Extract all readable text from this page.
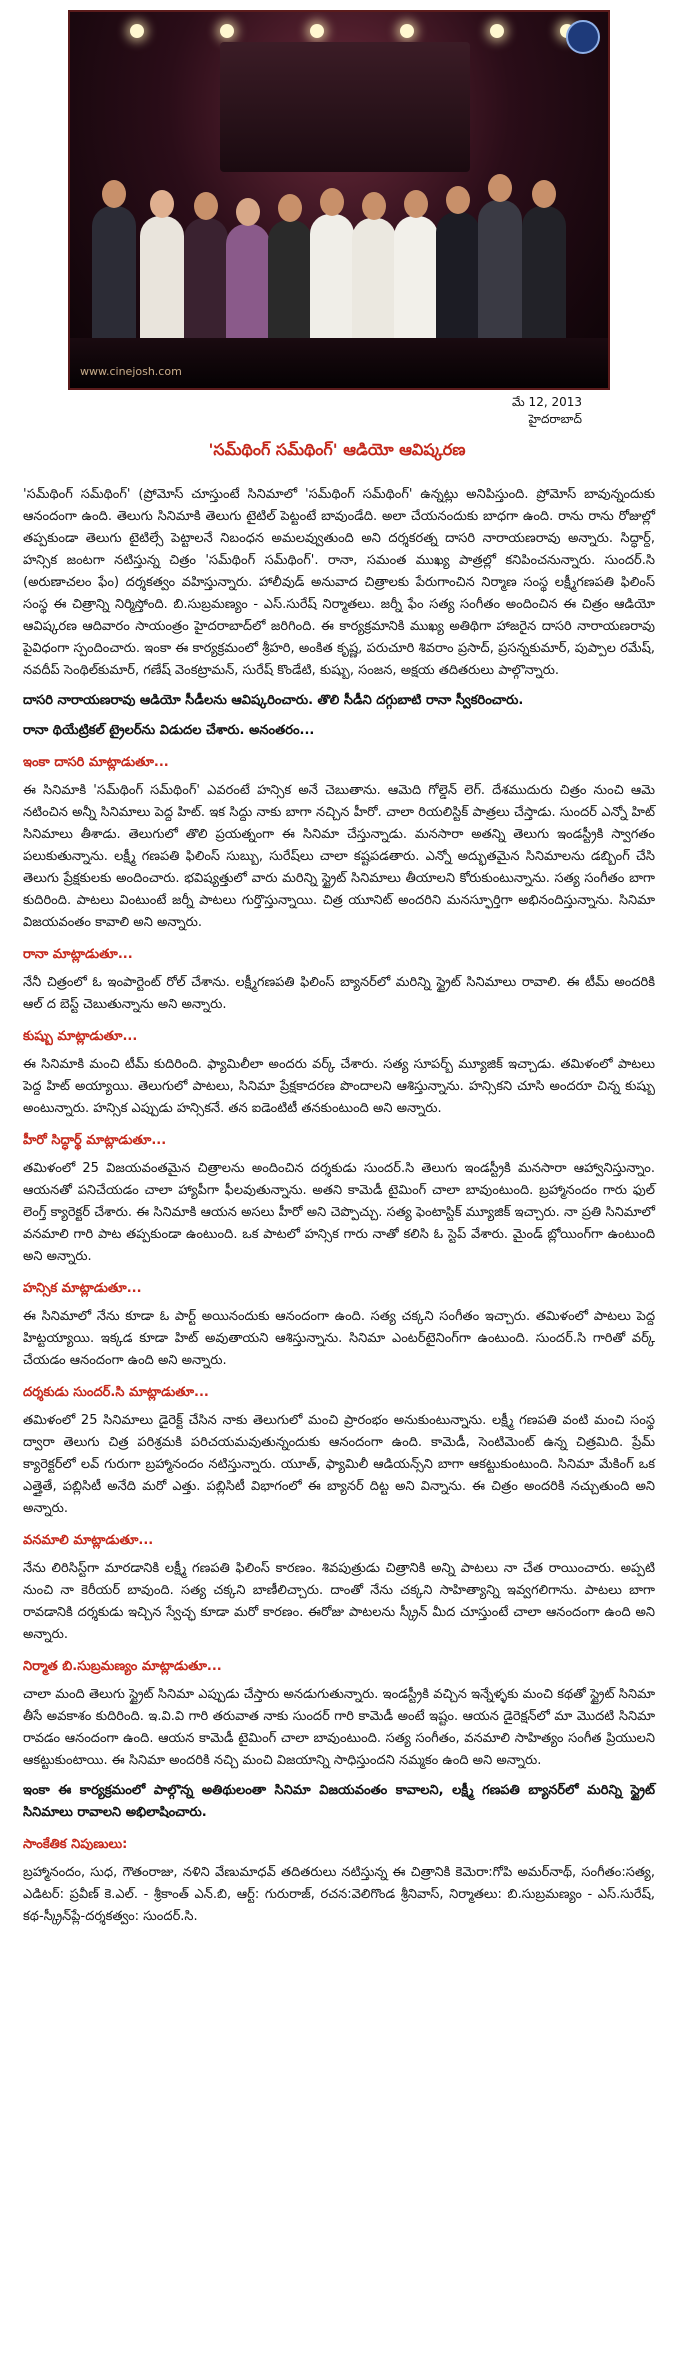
www.cinejosh.com
మే 12, 2013
హైదరాబాద్
'సమ్‌థింగ్ సమ్‌థింగ్' ఆడియో ఆవిష్కరణ

'సమ్‌థింగ్ సమ్‌థింగ్' (ప్రోమోస్ చూస్తుంటే సినిమాలో 'సమ్‌థింగ్ సమ్‌థింగ్' ఉన్నట్లు అనిపిస్తుంది. ప్రోమోస్ బావున్నందుకు ఆనందంగా ఉంది. తెలుగు సినిమాకి తెలుగు టైటిల్ పెట్టంటే బావుండేది. అలా చేయనందుకు బాధగా ఉంది. రాను రాను రోజుల్లో తప్పకుండా తెలుగు టైటిల్సే పెట్టాలనే నిబంధన అమలవ్వుతుంది అని దర్శకరత్న దాసరి నారాయణరావు అన్నారు. సిద్ధార్ద్, హన్సిక జంటగా నటిస్తున్న చిత్రం 'సమ్‌థింగ్ సమ్‌థింగ్'. రానా, సమంత ముఖ్య పాత్రల్లో కనిపించనున్నారు. సుందర్.సి (అరుణాచలం ఫేం) దర్శకత్వం వహిస్తున్నారు. హాలీవుడ్ అనువాద చిత్రాలకు పేరుగాంచిన నిర్మాణ సంస్థ లక్ష్మీగణపతి ఫిలింస్ సంస్థ ఈ చిత్రాన్ని నిర్మిస్తోంది. బి.సుబ్రమణ్యం - ఎస్.సురేష్ నిర్మాతలు. జర్నీ ఫేం సత్య సంగీతం అందించిన ఈ చిత్రం ఆడియో ఆవిష్కరణ ఆదివారం సాయంత్రం హైదరాబాద్‌లో జరిగింది. ఈ కార్యక్రమానికి ముఖ్య అతిథిగా హాజరైన దాసరి నారాయణరావు పైవిధంగా స్పందించారు. ఇంకా ఈ కార్యక్రమంలో శ్రీహరి, అంకిత కృష్ణ, పరుచూరి శివరాం ప్రసాద్, ప్రసన్నకుమార్, పుప్పాల రమేష్, నవదీప్ సెంథిల్‌కుమార్, గణేష్ వెంకట్రామన్, సురేష్ కొండేటి, కుష్బు, సంజన, అక్షయ తదితరులు పాల్గొన్నారు.

దాసరి నారాయణరావు ఆడియో సీడీలను ఆవిష్కరించారు. తొలి సీడీని దగ్గుబాటి రానా స్వీకరించారు.

రానా థియేట్రికల్ ట్రైలర్‌ను విడుదల చేశారు. అనంతరం...

ఇంకా దాసరి మాట్లాడుతూ...

ఈ సినిమాకి 'సమ్‌థింగ్ సమ్‌థింగ్' ఎవరంటే హన్సిక అనే చెబుతాను. ఆమెది గోల్డెన్ లెగ్. దేశముదురు చిత్రం నుంచి ఆమె నటించిన అన్నీ సినిమాలు పెద్ద హిట్. ఇక సిద్దు నాకు బాగా నచ్చిన హీరో. చాలా రియలిస్టిక్ పాత్రలు చేస్తాడు. సుందర్ ఎన్నో హిట్ సినిమాలు తీశాడు. తెలుగులో తొలి ప్రయత్నంగా ఈ సినిమా చేస్తున్నాడు. మనసారా అతన్ని తెలుగు ఇండస్ట్రీకి స్వాగతం పలుకుతున్నాను. లక్ష్మీ గణపతి ఫిలింస్ సుబ్బు, సురేష్‌లు చాలా కష్టపడతారు. ఎన్నో అద్భుతమైన సినిమాలను డబ్బింగ్ చేసి తెలుగు ప్రేక్షకులకు అందించారు. భవిష్యత్తులో వారు మరిన్ని స్ట్రైట్ సినిమాలు తీయాలని కోరుకుంటున్నాను. సత్య సంగీతం బాగా కుదిరింది. పాటలు వింటుంటే జర్నీ పాటలు గుర్తొస్తున్నాయి. చిత్ర యూనిట్ అందరిని మనస్ఫూర్తిగా అభినందిస్తున్నాను. సినిమా విజయవంతం కావాలి అని అన్నారు.

రానా మాట్లాడుతూ...

నేనీ చిత్రంలో ఓ ఇంపార్టెంట్ రోల్ చేశాను. లక్ష్మీగణపతి ఫిలింస్ బ్యానర్‌లో మరిన్ని స్ట్రైట్ సినిమాలు రావాలి. ఈ టీమ్ అందరికి ఆల్ ద బెస్ట్ చెబుతున్నాను అని అన్నారు.

కుష్బు మాట్లాడుతూ...

ఈ సినిమాకి మంచి టీమ్ కుదిరింది. ఫ్యామిలీలా అందరు వర్క్ చేశారు. సత్య సూపర్బ్ మ్యూజిక్ ఇచ్చాడు. తమిళంలో పాటలు పెద్ద హిట్ అయ్యాయి. తెలుగులో పాటలు, సినిమా ప్రేక్షకాదరణ పొందాలని ఆశిస్తున్నాను. హన్సికని చూసి అందరూ చిన్న కుష్బు అంటున్నారు. హన్సిక ఎప్పుడు హన్సికనే. తన ఐడెంటిటీ తనకుంటుంది అని అన్నారు.

హీరో సిద్ధార్థ్ మాట్లాడుతూ...

తమిళంలో 25 విజయవంతమైన చిత్రాలను అందించిన దర్శకుడు సుందర్.సి తెలుగు ఇండస్ట్రీకి మనసారా ఆహ్వానిస్తున్నాం. ఆయనతో పనిచేయడం చాలా హ్యాపీగా ఫీలవుతున్నాను. అతని కామెడీ టైమింగ్ చాలా బావుంటుంది. బ్రహ్మానందం గారు ఫుల్ లెంగ్త్ క్యారెక్టర్ చేశారు. ఈ సినిమాకి ఆయన అసలు హీరో అని చెప్పొచ్చు. సత్య ఫెంటాస్టిక్ మ్యూజిక్ ఇచ్చారు. నా ప్రతి సినిమాలో వనమాలి గారి పాట తప్పకుండా ఉంటుంది. ఒక పాటలో హన్సిక గారు నాతో కలిసి ఓ స్టెప్ వేశారు. మైండ్ బ్లోయింగ్‌గా ఉంటుంది అని అన్నారు.

హన్సిక మాట్లాడుతూ...

ఈ సినిమాలో నేను కూడా ఓ పార్ట్ అయినందుకు ఆనందంగా ఉంది. సత్య చక్కని సంగీతం ఇచ్చారు. తమిళంలో పాటలు పెద్ద హిట్టయ్యాయి. ఇక్కడ కూడా హిట్ అవుతాయని ఆశిస్తున్నాను. సినిమా ఎంటర్‌టైనింగ్‌గా ఉంటుంది. సుందర్.సి గారితో వర్క్ చేయడం ఆనందంగా ఉంది అని అన్నారు.

దర్శకుడు సుందర్.సి మాట్లాడుతూ...

తమిళంలో 25 సినిమాలు డైరెక్ట్ చేసిన నాకు తెలుగులో మంచి ప్రారంభం అనుకుంటున్నాను. లక్ష్మీ గణపతి వంటి మంచి సంస్థ ద్వారా తెలుగు చిత్ర పరిశ్రమకి పరిచయమవుతున్నందుకు ఆనందంగా ఉంది. కామెడీ, సెంటిమెంట్ ఉన్న చిత్రమిది. ప్రేమ్ క్యారెక్టర్‌లో లవ్ గురుగా బ్రహ్మానందం నటిస్తున్నారు. యూత్, ఫ్యామిలీ ఆడియన్స్‌ని బాగా ఆకట్టుకుంటుంది. సినిమా మేకింగ్ ఒక ఎత్తైతే, పబ్లిసిటీ అనేది మరో ఎత్తు. పబ్లిసిటీ విభాగంలో ఈ బ్యానర్ దిట్ట అని విన్నాను. ఈ చిత్రం అందరికి నచ్చుతుంది అని అన్నారు.

వనమాలి మాట్లాడుతూ...

నేను లిరిసిస్ట్‌గా మారడానికి లక్ష్మీ గణపతి ఫిలింస్ కారణం. శివపుత్రుడు చిత్రానికి అన్ని పాటలు నా చేత రాయించారు. అప్పటి నుంచి నా కెరీయర్ బావుంది. సత్య చక్కని బాణీలిచ్చారు. దాంతో నేను చక్కని సాహిత్యాన్ని ఇవ్వగలిగాను. పాటలు బాగా రావడానికి దర్శకుడు ఇచ్చిన స్వేచ్ఛ కూడా మరో కారణం. ఈరోజు పాటలను స్క్రీన్ మీద చూస్తుంటే చాలా ఆనందంగా ఉంది అని అన్నారు.

నిర్మాత బి.సుబ్రమణ్యం మాట్లాడుతూ...

చాలా మంది తెలుగు స్ట్రైట్ సినిమా ఎప్పుడు చేస్తారు అనడుగుతున్నారు. ఇండస్ట్రీకి వచ్చిన ఇన్నేళ్ళకు మంచి కథతో స్ట్రైట్ సినిమా తీసే అవకాశం కుదిరింది. ఇ.వి.వి గారి తరువాత నాకు సుందర్ గారి కామెడీ అంటే ఇష్టం. ఆయన డైరెక్షన్‌లో మా మొదటి సినిమా రావడం ఆనందంగా ఉంది. ఆయన కామెడీ టైమింగ్ చాలా బావుంటుంది. సత్య సంగీతం, వనమాలి సాహిత్యం సంగీత ప్రియులని ఆకట్టుకుంటాయి. ఈ సినిమా అందరికి నచ్చి మంచి విజయాన్ని సాధిస్తుందని నమ్మకం ఉంది అని అన్నారు.

ఇంకా ఈ కార్యక్రమంలో పాల్గొన్న అతిథులంతా సినిమా విజయవంతం కావాలని, లక్ష్మీ గణపతి బ్యానర్‌లో మరిన్ని స్ట్రైట్ సినిమాలు రావాలని అభిలాషించారు.

సాంకేతిక నిపుణులు:

బ్రహ్మానందం, సుధ, గౌతంరాజు, నళిని వేణుమాధవ్ తదితరులు నటిస్తున్న ఈ చిత్రానికి కెమెరా:గోపి అమర్‌నాథ్, సంగీతం:సత్య, ఎడిటర్: ప్రవీణ్ కె.ఎల్. - శ్రీకాంత్ ఎన్.బి, ఆర్ట్: గురురాజ్, రచన:వెలిగొండ శ్రీనివాస్, నిర్మాతలు: బి.సుబ్రమణ్యం - ఎస్.సురేష్, కథ-స్క్రీన్‌ప్లే-దర్శకత్వం: సుందర్.సి.
